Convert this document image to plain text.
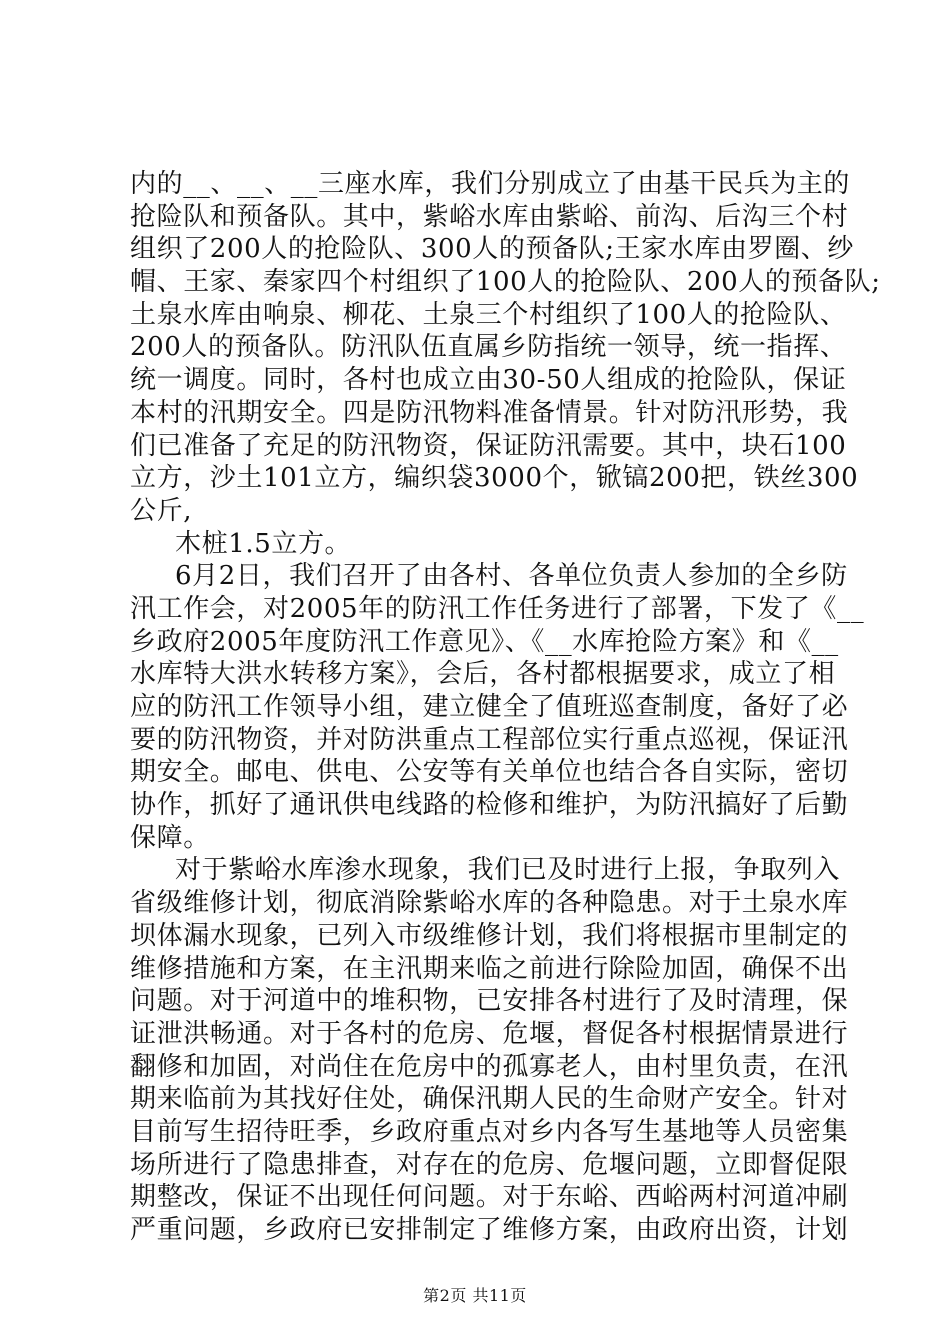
内的__、__、__三座水库，我们分别成立了由基干民兵为主的
抢险队和预备队。其中，紫峪水库由紫峪、前沟、后沟三个村
组织了200人的抢险队、300人的预备队;王家水库由罗圈、纱
帽、王家、秦家四个村组织了100人的抢险队、200人的预备队;
土泉水库由响泉、柳花、土泉三个村组织了100人的抢险队、
200人的预备队。防汛队伍直属乡防指统一领导，统一指挥、
统一调度。同时，各村也成立由30-50人组成的抢险队，保证
本村的汛期安全。四是防汛物料准备情景。针对防汛形势，我
们已准备了充足的防汛物资，保证防汛需要。其中，块石100
立方，沙土101立方，编织袋3000个，锨镐200把，铁丝300
公斤,
木桩1.5立方。
6月2日，我们召开了由各村、各单位负责人参加的全乡防
汛工作会，对2005年的防汛工作任务进行了部署，下发了《__
乡政府2005年度防汛工作意见》、《__水库抢险方案》和《__
水库特大洪水转移方案》，会后，各村都根据要求，成立了相
应的防汛工作领导小组，建立健全了值班巡查制度，备好了必
要的防汛物资，并对防洪重点工程部位实行重点巡视，保证汛
期安全。邮电、供电、公安等有关单位也结合各自实际，密切
协作，抓好了通讯供电线路的检修和维护，为防汛搞好了后勤
保障。
对于紫峪水库渗水现象，我们已及时进行上报，争取列入
省级维修计划，彻底消除紫峪水库的各种隐患。对于土泉水库
坝体漏水现象，已列入市级维修计划，我们将根据市里制定的
维修措施和方案，在主汛期来临之前进行除险加固，确保不出
问题。对于河道中的堆积物，已安排各村进行了及时清理，保
证泄洪畅通。对于各村的危房、危堰，督促各村根据情景进行
翻修和加固，对尚住在危房中的孤寡老人，由村里负责，在汛
期来临前为其找好住处，确保汛期人民的生命财产安全。针对
目前写生招待旺季，乡政府重点对乡内各写生基地等人员密集
场所进行了隐患排查，对存在的危房、危堰问题，立即督促限
期整改，保证不出现任何问题。对于东峪、西峪两村河道冲刷
严重问题，乡政府已安排制定了维修方案，由政府出资，计划
第2页 共11页
